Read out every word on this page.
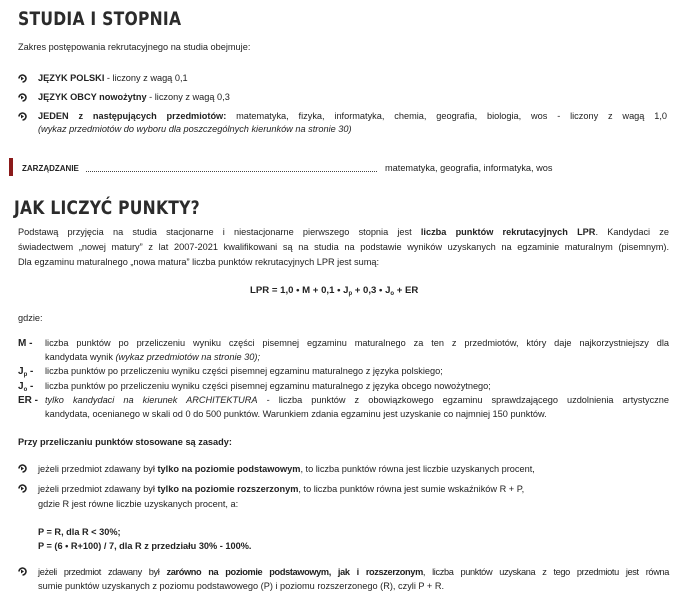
STUDIA I STOPNIA
Zakres postępowania rekrutacyjnego na studia obejmuje:
JĘZYK POLSKI - liczony z wagą 0,1
JĘZYK OBCY nowożytny - liczony z wagą 0,3
JEDEN z następujących przedmiotów: matematyka, fizyka, informatyka, chemia, geografia, biologia, wos - liczony z wagą 1,0
(wykaz przedmiotów do wyboru dla poszczególnych kierunków na stronie 30)
ZARZĄDZANIE	matematyka, geografia, informatyka, wos
JAK LICZYĆ PUNKTY?
Podstawą przyjęcia na studia stacjonarne i niestacjonarne pierwszego stopnia jest liczba punktów rekrutacyjnych LPR. Kandydaci ze
świadectwem „nowej matury” z lat 2007-2021 kwalifikowani są na studia na podstawie wyników uzyskanych na egzaminie maturalnym (pisemnym).
Dla egzaminu maturalnego „nowa matura” liczba punktów rekrutacyjnych LPR jest sumą:
LPR = 1,0 • M + 0,1 • $J_p + 0,3$ • $J_o$ + ER
gdzie:
M - liczba punktów po przeliczeniu wyniku części pisemnej egzaminu maturalnego za ten z przedmiotów, który daje najkorzystniejszy dla
kandydata wynik (wykaz przedmiotów na stronie 30);
$J_p$ - liczba punktów po przeliczeniu wyniku części pisemnej egzaminu maturalnego z języka polskiego;
$J_o$ - liczba punktów po przeliczeniu wyniku części pisemnej egzaminu maturalnego z języka obcego nowożytnego;
ER - tylko kandydaci na kierunek ARCHITEKTURA - liczba punktów z obowiązkowego egzaminu sprawdzającego uzdolnienia artystyczne
kandydata, ocenianego w skali od 0 do 500 punktów. Warunkiem zdania egzaminu jest uzyskanie co najmniej 150 punktów.
Przy przeliczaniu punktów stosowane są zasady:
jeżeli przedmiot zdawany był tylko na poziomie podstawowym, to liczba punktów równa jest liczbie uzyskanych procent,
jeżeli przedmiot zdawany był tylko na poziomie rozszerzonym, to liczba punktów równa jest sumie wskaźników R + P,
gdzie R jest równe liczbie uzyskanych procent, a:
P = R, dla R < 30%;
P = (6 • R+100) / 7, dla R z przedziału 30% - 100%.
jeżeli przedmiot zdawany był zarówno na poziomie podstawowym, jak i rozszerzonym, liczba punktów uzyskana z tego przedmiotu jest równa
sumie punktów uzyskanych z poziomu podstawowego (P) i poziomu rozszerzonego (R), czyli P + R.
